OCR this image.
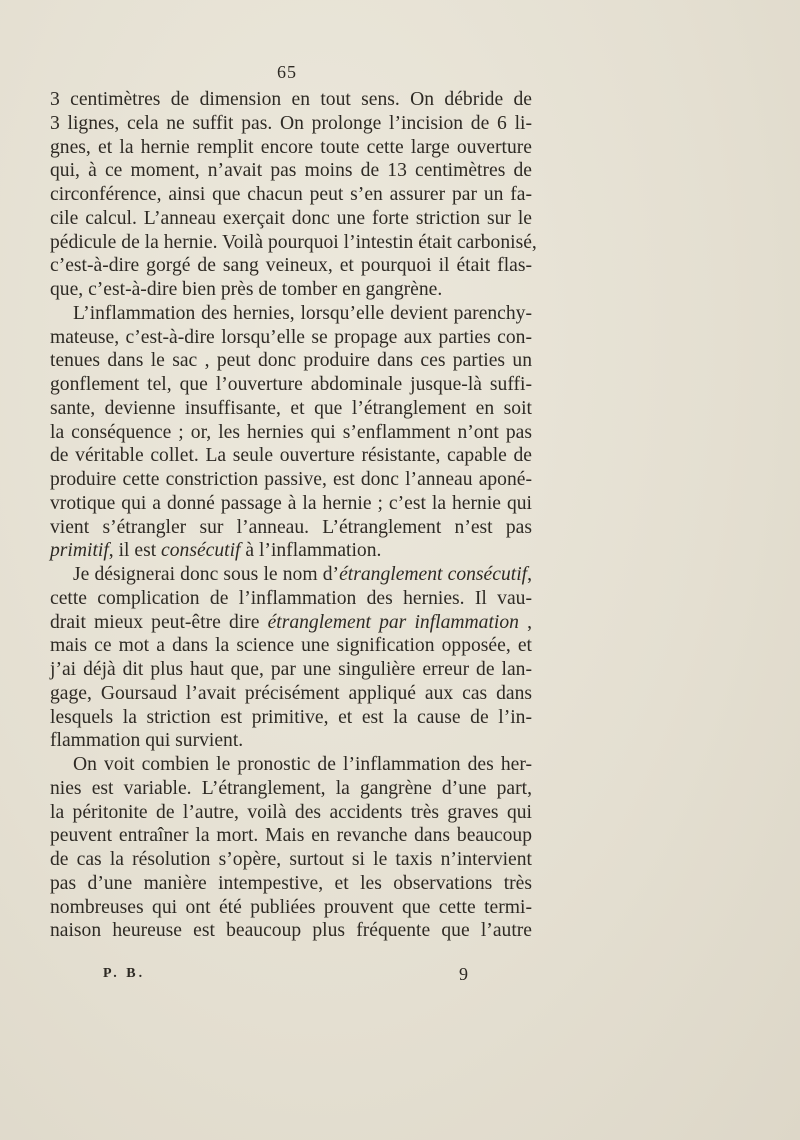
65
3 centimètres de dimension en tout sens. On débride de
3 lignes, cela ne suffit pas. On prolonge l’incision de 6 li-
gnes, et la hernie remplit encore toute cette large ouverture
qui, à ce moment, n’avait pas moins de 13 centimètres de
circonférence, ainsi que chacun peut s’en assurer par un fa-
cile calcul. L’anneau exerçait donc une forte striction sur le
pédicule de la hernie. Voilà pourquoi l’intestin était carbonisé,
c’est-à-dire gorgé de sang veineux, et pourquoi il était flas-
que, c’est-à-dire bien près de tomber en gangrène.
L’inflammation des hernies, lorsqu’elle devient parenchy-
mateuse, c’est-à-dire lorsqu’elle se propage aux parties con-
tenues dans le sac , peut donc produire dans ces parties un
gonflement tel, que l’ouverture abdominale jusque-là suffi-
sante, devienne insuffisante, et que l’étranglement en soit
la conséquence ; or, les hernies qui s’enflamment n’ont pas
de véritable collet. La seule ouverture résistante, capable de
produire cette constriction passive, est donc l’anneau aponé-
vrotique qui a donné passage à la hernie ; c’est la hernie qui
vient s’étrangler sur l’anneau. L’étranglement n’est pas
primitif, il est consécutif à l’inflammation.
Je désignerai donc sous le nom d’étranglement consécutif,
cette complication de l’inflammation des hernies. Il vau-
drait mieux peut-être dire étranglement par inflammation ,
mais ce mot a dans la science une signification opposée, et
j’ai déjà dit plus haut que, par une singulière erreur de lan-
gage, Goursaud l’avait précisément appliqué aux cas dans
lesquels la striction est primitive, et est la cause de l’in-
flammation qui survient.
On voit combien le pronostic de l’inflammation des her-
nies est variable. L’étranglement, la gangrène d’une part,
la péritonite de l’autre, voilà des accidents très graves qui
peuvent entraîner la mort. Mais en revanche dans beaucoup
de cas la résolution s’opère, surtout si le taxis n’intervient
pas d’une manière intempestive, et les observations très
nombreuses qui ont été publiées prouvent que cette termi-
naison heureuse est beaucoup plus fréquente que l’autre
P. B.	9
